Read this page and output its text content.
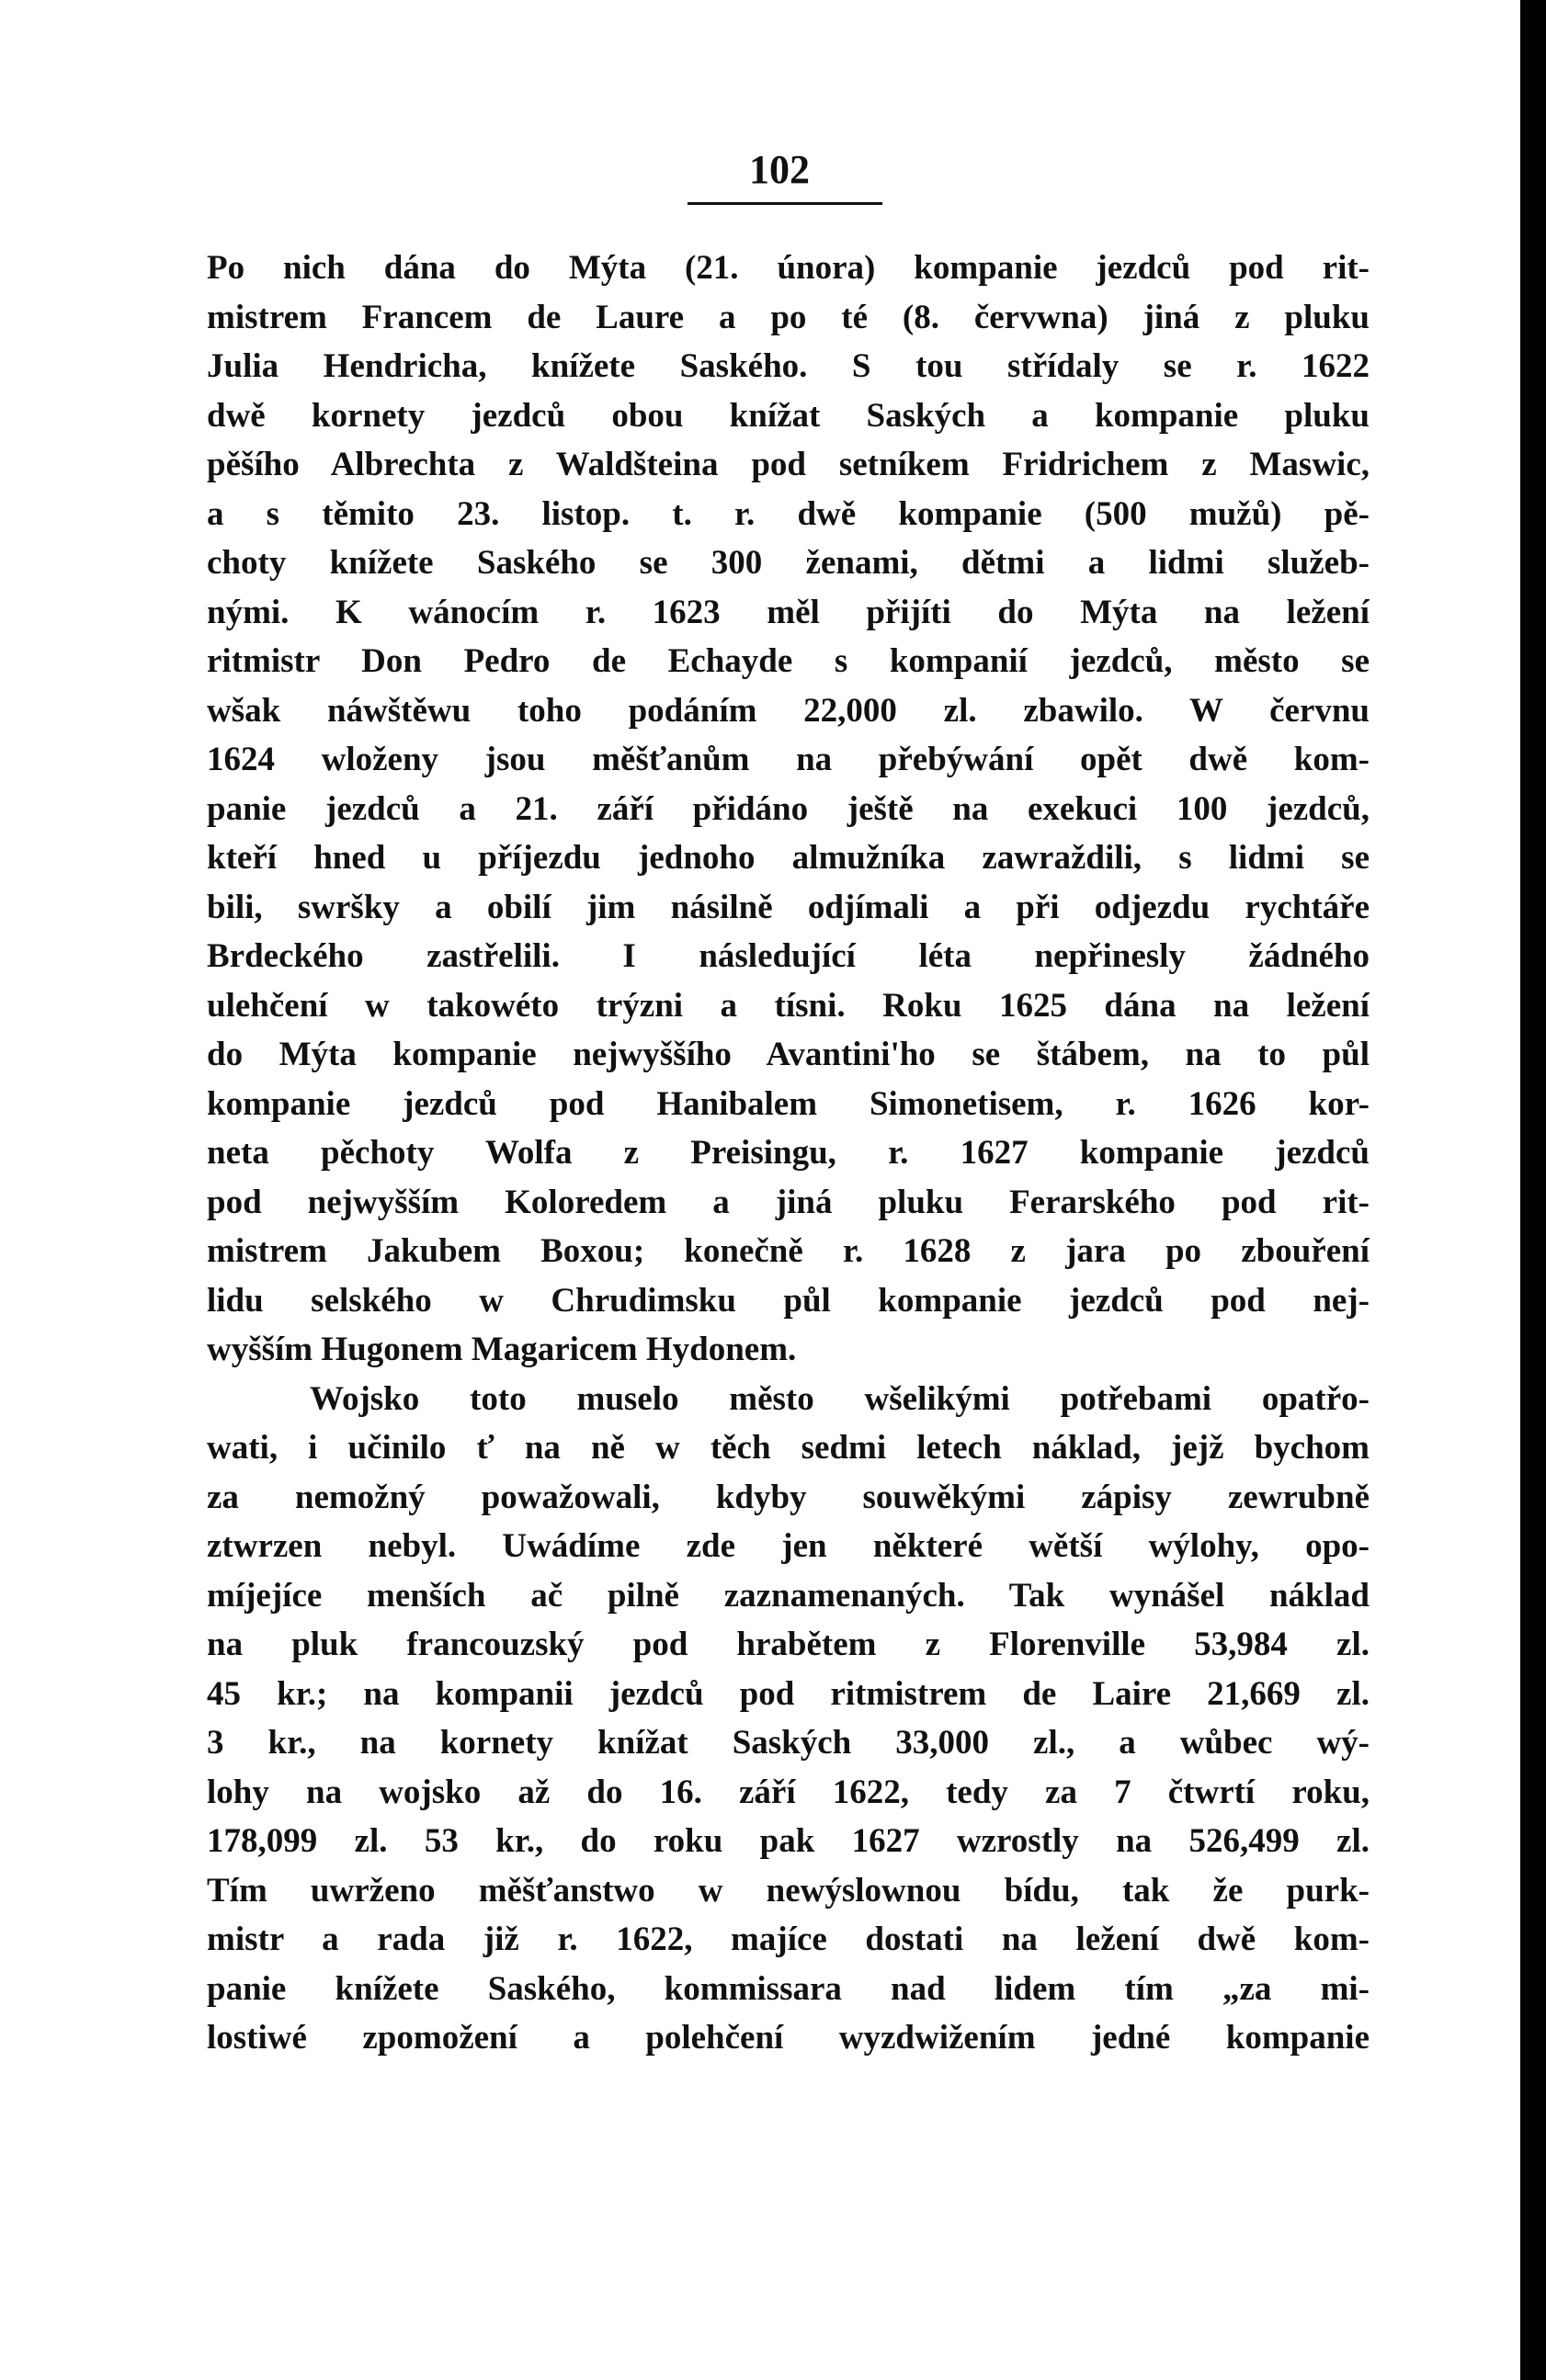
102
Po nich dána do Mýta (21. února) kompanie jezdců pod rit-
mistrem Francem de Laure a po té (8. červwna) jiná z pluku
Julia Hendricha, knížete Saského. S tou střídaly se r. 1622
dwě kornety jezdců obou knížat Saských a kompanie pluku
pěšího Albrechta z Waldšteina pod setníkem Fridrichem z Maswic,
a s těmito 23. listop. t. r. dwě kompanie (500 mužů) pě-
choty knížete Saského se 300 ženami, dětmi a lidmi služeb-
nými. K wánocím r. 1623 měl přijíti do Mýta na ležení
ritmistr Don Pedro de Echayde s kompanií jezdců, město se
wšak náwštěwu toho podáním 22,000 zl. zbawilo. W červnu
1624 wloženy jsou měšťanům na přebýwání opět dwě kom-
panie jezdců a 21. září přidáno ještě na exekuci 100 jezdců,
kteří hned u příjezdu jednoho almužníka zawraždili, s lidmi se
bili, swršky a obilí jim násilně odjímali a při odjezdu rychtáře
Brdeckého zastřelili. I následující léta nepřinesly žádného
ulehčení w takowéto trýzni a tísni. Roku 1625 dána na ležení
do Mýta kompanie nejwyššího Avantini'ho se štábem, na to půl
kompanie jezdců pod Hanibalem Simonetisem, r. 1626 kor-
neta pěchoty Wolfa z Preisingu, r. 1627 kompanie jezdců
pod nejwyšším Koloredem a jiná pluku Ferarského pod rit-
mistrem Jakubem Boxou; konečně r. 1628 z jara po zbouření
lidu selského w Chrudimsku půl kompanie jezdců pod nej-
wyšším Hugonem Magaricem Hydonem.
Wojsko toto muselo město wšelikými potřebami opatřo-
wati, i učinilo ť na ně w těch sedmi letech náklad, jejž bychom
za nemožný powažowali, kdyby souwěkými zápisy zewrubně
ztwrzen nebyl. Uwádíme zde jen některé wětší wýlohy, opo-
míjejíce menších ač pilně zaznamenaných. Tak wynášel náklad
na pluk francouzský pod hrabětem z Florenville 53,984 zl.
45 kr.; na kompanii jezdců pod ritmistrem de Laire 21,669 zl.
3 kr., na kornety knížat Saských 33,000 zl., a wůbec wý-
lohy na wojsko až do 16. září 1622, tedy za 7 čtwrtí roku,
178,099 zl. 53 kr., do roku pak 1627 wzrostly na 526,499 zl.
Tím uwrženo měšťanstwo w newýslownou bídu, tak že purk-
mistr a rada již r. 1622, majíce dostati na ležení dwě kom-
panie knížete Saského, kommissara nad lidem tím „za mi-
lostiwé zpomožení a polehčení wyzdwižením jedné kompanie
